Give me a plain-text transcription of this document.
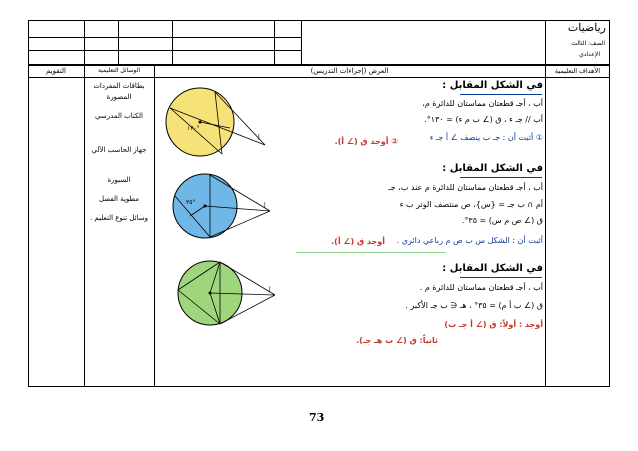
رياضيات
الصف: الثالث
الإعدادي
التقويم	الوسائل التعليمية	العرض (إجراءات التدريس)	الأهداف التعليمية
بطاقات المفردات
المصورة
الكتاب المدرسي
جهاز الحاسب الآلي
السبورة
مطوية الفصل
وسائل تنوع التعليم .
١٣٠°
أ
في الشكل المقابل :
أب ، أجـ قطعتان مماستان للدائرة م،
أب // جـ ء ، ق (∠ ب م ء) = ١٣٠°.
① أثبت أن : جـ ب ينصف ∠ أ جـ ء
② أوجد ق (∠ أ).
٣٥°
أ
في الشكل المقابل :
أب ، أجـ قطعتان مماستان للدائرة م عند ب، جـ
أم ∩ ب جـ = {س}، ص منتصف الوتر ب ء
ق (∠ ص م س) = ٣٥°.
أثبت أن : الشكل س ب ص م رباعي دائري .
أوجد ق (∠ أ).
أ
في الشكل المقابل :
أب ، أجـ قطعتان مماستان للدائرة م .
ق (∠ ب أ م) = ٣٥° ، هـ ∈ ب جـ الأكبر .
أوجد : أولاً: ق (∠ أ جـ ب)
ثانياً: ق (∠ ب هـ جـ).
73
